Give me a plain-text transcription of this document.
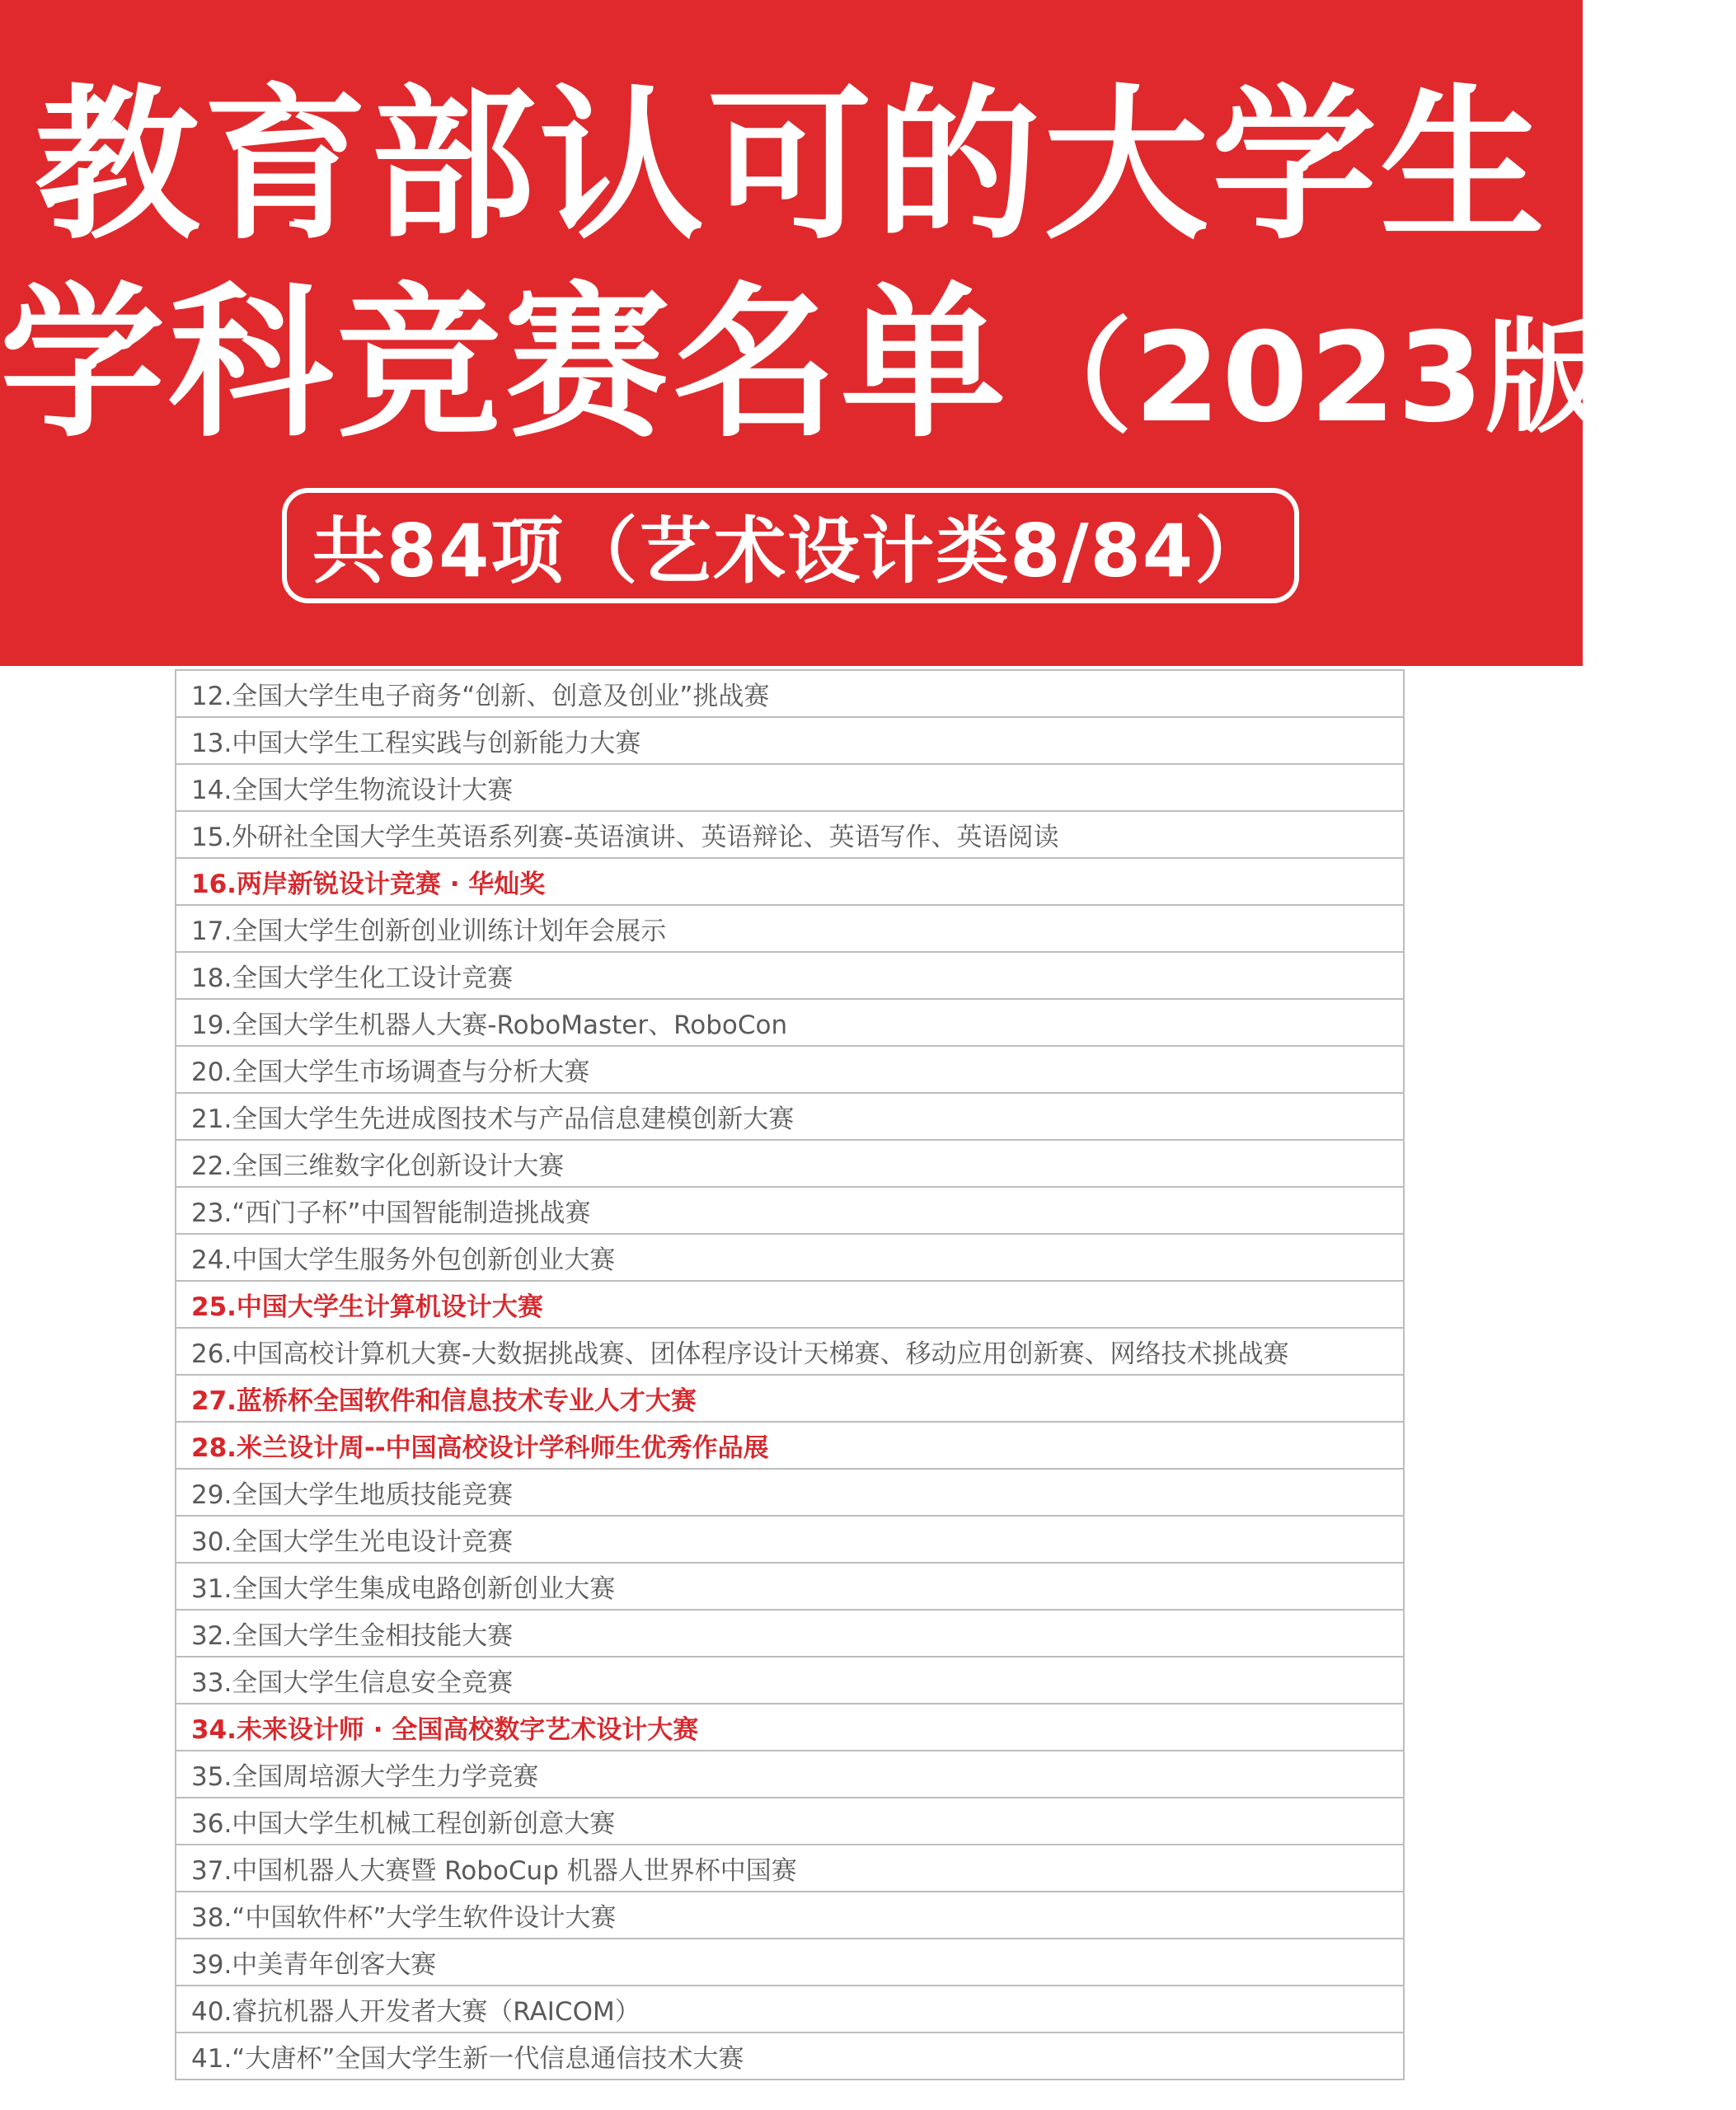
教育部认可的大学生
学科竞赛名单（2023版）
共84项（艺术设计类8/84）
12.全国大学生电子商务“创新、创意及创业”挑战赛
13.中国大学生工程实践与创新能力大赛
14.全国大学生物流设计大赛
15.外研社全国大学生英语系列赛-英语演讲、英语辩论、英语写作、英语阅读
16.两岸新锐设计竞赛 · 华灿奖
17.全国大学生创新创业训练计划年会展示
18.全国大学生化工设计竞赛
19.全国大学生机器人大赛-RoboMaster、RoboCon
20.全国大学生市场调查与分析大赛
21.全国大学生先进成图技术与产品信息建模创新大赛
22.全国三维数字化创新设计大赛
23.“西门子杯”中国智能制造挑战赛
24.中国大学生服务外包创新创业大赛
25.中国大学生计算机设计大赛
26.中国高校计算机大赛-大数据挑战赛、团体程序设计天梯赛、移动应用创新赛、网络技术挑战赛
27.蓝桥杯全国软件和信息技术专业人才大赛
28.米兰设计周--中国高校设计学科师生优秀作品展
29.全国大学生地质技能竞赛
30.全国大学生光电设计竞赛
31.全国大学生集成电路创新创业大赛
32.全国大学生金相技能大赛
33.全国大学生信息安全竞赛
34.未来设计师 · 全国高校数字艺术设计大赛
35.全国周培源大学生力学竞赛
36.中国大学生机械工程创新创意大赛
37.中国机器人大赛暨 RoboCup 机器人世界杯中国赛
38.“中国软件杯”大学生软件设计大赛
39.中美青年创客大赛
40.睿抗机器人开发者大赛（RAICOM）
41.“大唐杯”全国大学生新一代信息通信技术大赛
